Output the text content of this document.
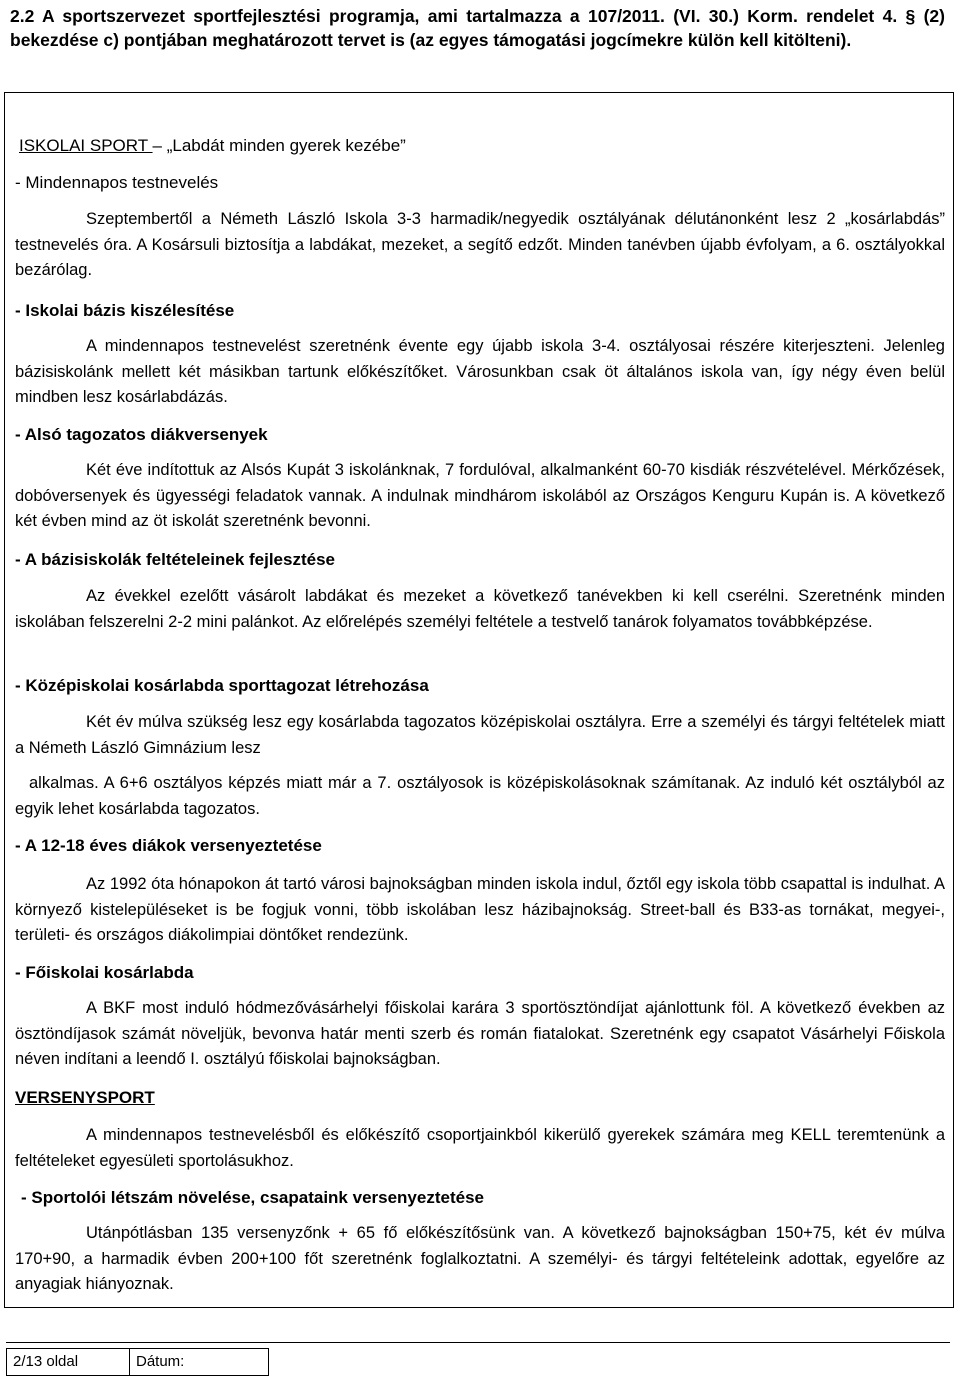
2.2 A sportszervezet sportfejlesztési programja, ami tartalmazza a 107/2011. (VI. 30.) Korm. rendelet 4. § (2) bekezdése c) pontjában meghatározott tervet is (az egyes támogatási jogcímekre külön kell kitölteni).

ISKOLAI SPORT – „Labdát minden gyerek kezébe”

- Mindennapos testnevelés

Szeptembertől a Németh László Iskola 3-3 harmadik/negyedik osztályának délutánonként lesz 2 „kosárlabdás” testnevelés óra. A Kosársuli biztosítja a labdákat, mezeket, a segítő edzőt. Minden tanévben újabb évfolyam, a 6. osztályokkal bezárólag.

- Iskolai bázis kiszélesítése

A mindennapos testnevelést szeretnénk évente egy újabb iskola 3-4. osztályosai részére kiterjeszteni. Jelenleg bázisiskolánk mellett két másikban tartunk előkészítőket. Városunkban csak öt általános iskola van, így négy éven belül mindben lesz kosárlabdázás.

- Alsó tagozatos diákversenyek

Két éve indítottuk az Alsós Kupát 3 iskolánknak, 7 fordulóval, alkalmanként 60-70 kisdiák részvételével. Mérkőzések, dobóversenyek és ügyességi feladatok vannak. A indulnak mindhárom iskolából az Országos Kenguru Kupán is. A következő két évben mind az öt iskolát szeretnénk bevonni.

- A bázisiskolák feltételeinek fejlesztése

Az évekkel ezelőtt vásárolt labdákat és mezeket a következő tanévekben ki kell cserélni. Szeretnénk minden iskolában felszerelni 2-2 mini palánkot. Az előrelépés személyi feltétele a testvelő tanárok folyamatos továbbképzése.

- Középiskolai kosárlabda sporttagozat létrehozása

Két év múlva szükség lesz egy kosárlabda tagozatos középiskolai osztályra. Erre a személyi és tárgyi feltételek miatt a Németh László Gimnázium lesz

alkalmas. A 6+6 osztályos képzés miatt már a 7. osztályosok is középiskolásoknak számítanak. Az induló két osztályból az egyik lehet kosárlabda tagozatos.

- A 12-18 éves diákok versenyeztetése

Az 1992 óta hónapokon át tartó városi bajnokságban minden iskola indul, őztől egy iskola több csapattal is indulhat. A környező kistelepüléseket is be fogjuk vonni, több iskolában lesz házibajnokság. Street-ball és B33-as tornákat, megyei-, területi- és országos diákolimpiai döntőket rendezünk.

- Főiskolai kosárlabda

A BKF most induló hódmezővásárhelyi főiskolai karára 3 sportösztöndíjat ajánlottunk föl. A következő években az ösztöndíjasok számát növeljük, bevonva határ menti szerb és román fiatalokat. Szeretnénk egy csapatot Vásárhelyi Főiskola néven indítani a leendő I. osztályú főiskolai bajnokságban.

VERSENYSPORT

A mindennapos testnevelésből és előkészítő csoportjainkból kikerülő gyerekek számára meg KELL teremtenünk a feltételeket egyesületi sportolásukhoz.

- Sportolói létszám növelése, csapataink versenyeztetése

Utánpótlásban 135 versenyzőnk + 65 fő előkészítősünk van. A következő bajnokságban 150+75, két év múlva 170+90, a harmadik évben 200+100 főt szeretnénk foglalkoztatni. A személyi- és tárgyi feltételeink adottak, egyelőre az anyagiak hiányoznak.

2/13 oldal	Dátum:
